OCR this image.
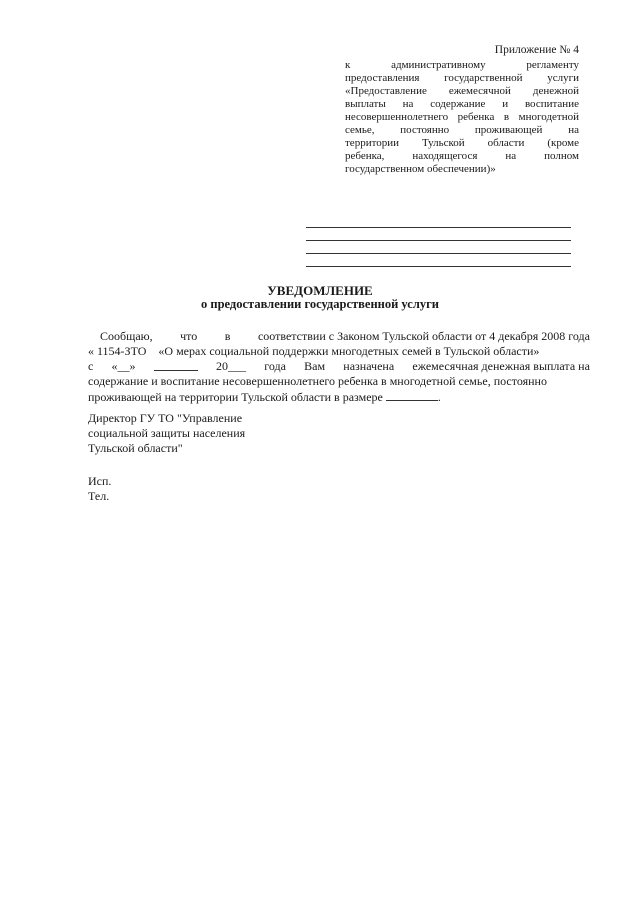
Приложение № 4
к	административному	регламенту
предоставления государственной услуги
«Предоставление ежемесячной денежной
выплаты на содержание и воспитание
несовершеннолетнего ребенка в многодетной
семье, постоянно проживающей на
территории Тульской области (кроме
ребенка,	находящегося	на	полном
государственном обеспечении)»
УВЕДОМЛЕНИЕ
о предоставлении государственной услуги
Сообщаю, что в соответствии с Законом Тульской области от 4 декабря 2008 года
« 1154-ЗТО «О мерах социальной поддержки многодетных семей в Тульской области»
с «__»	20___ года Вам назначена ежемесячная денежная выплата на
содержание и воспитание несовершеннолетнего ребенка в многодетной семье, постоянно
проживающей на территории Тульской области в размере	.
Директор ГУ ТО "Управление
социальной защиты населения
Тульской области"
Исп.
Тел.
